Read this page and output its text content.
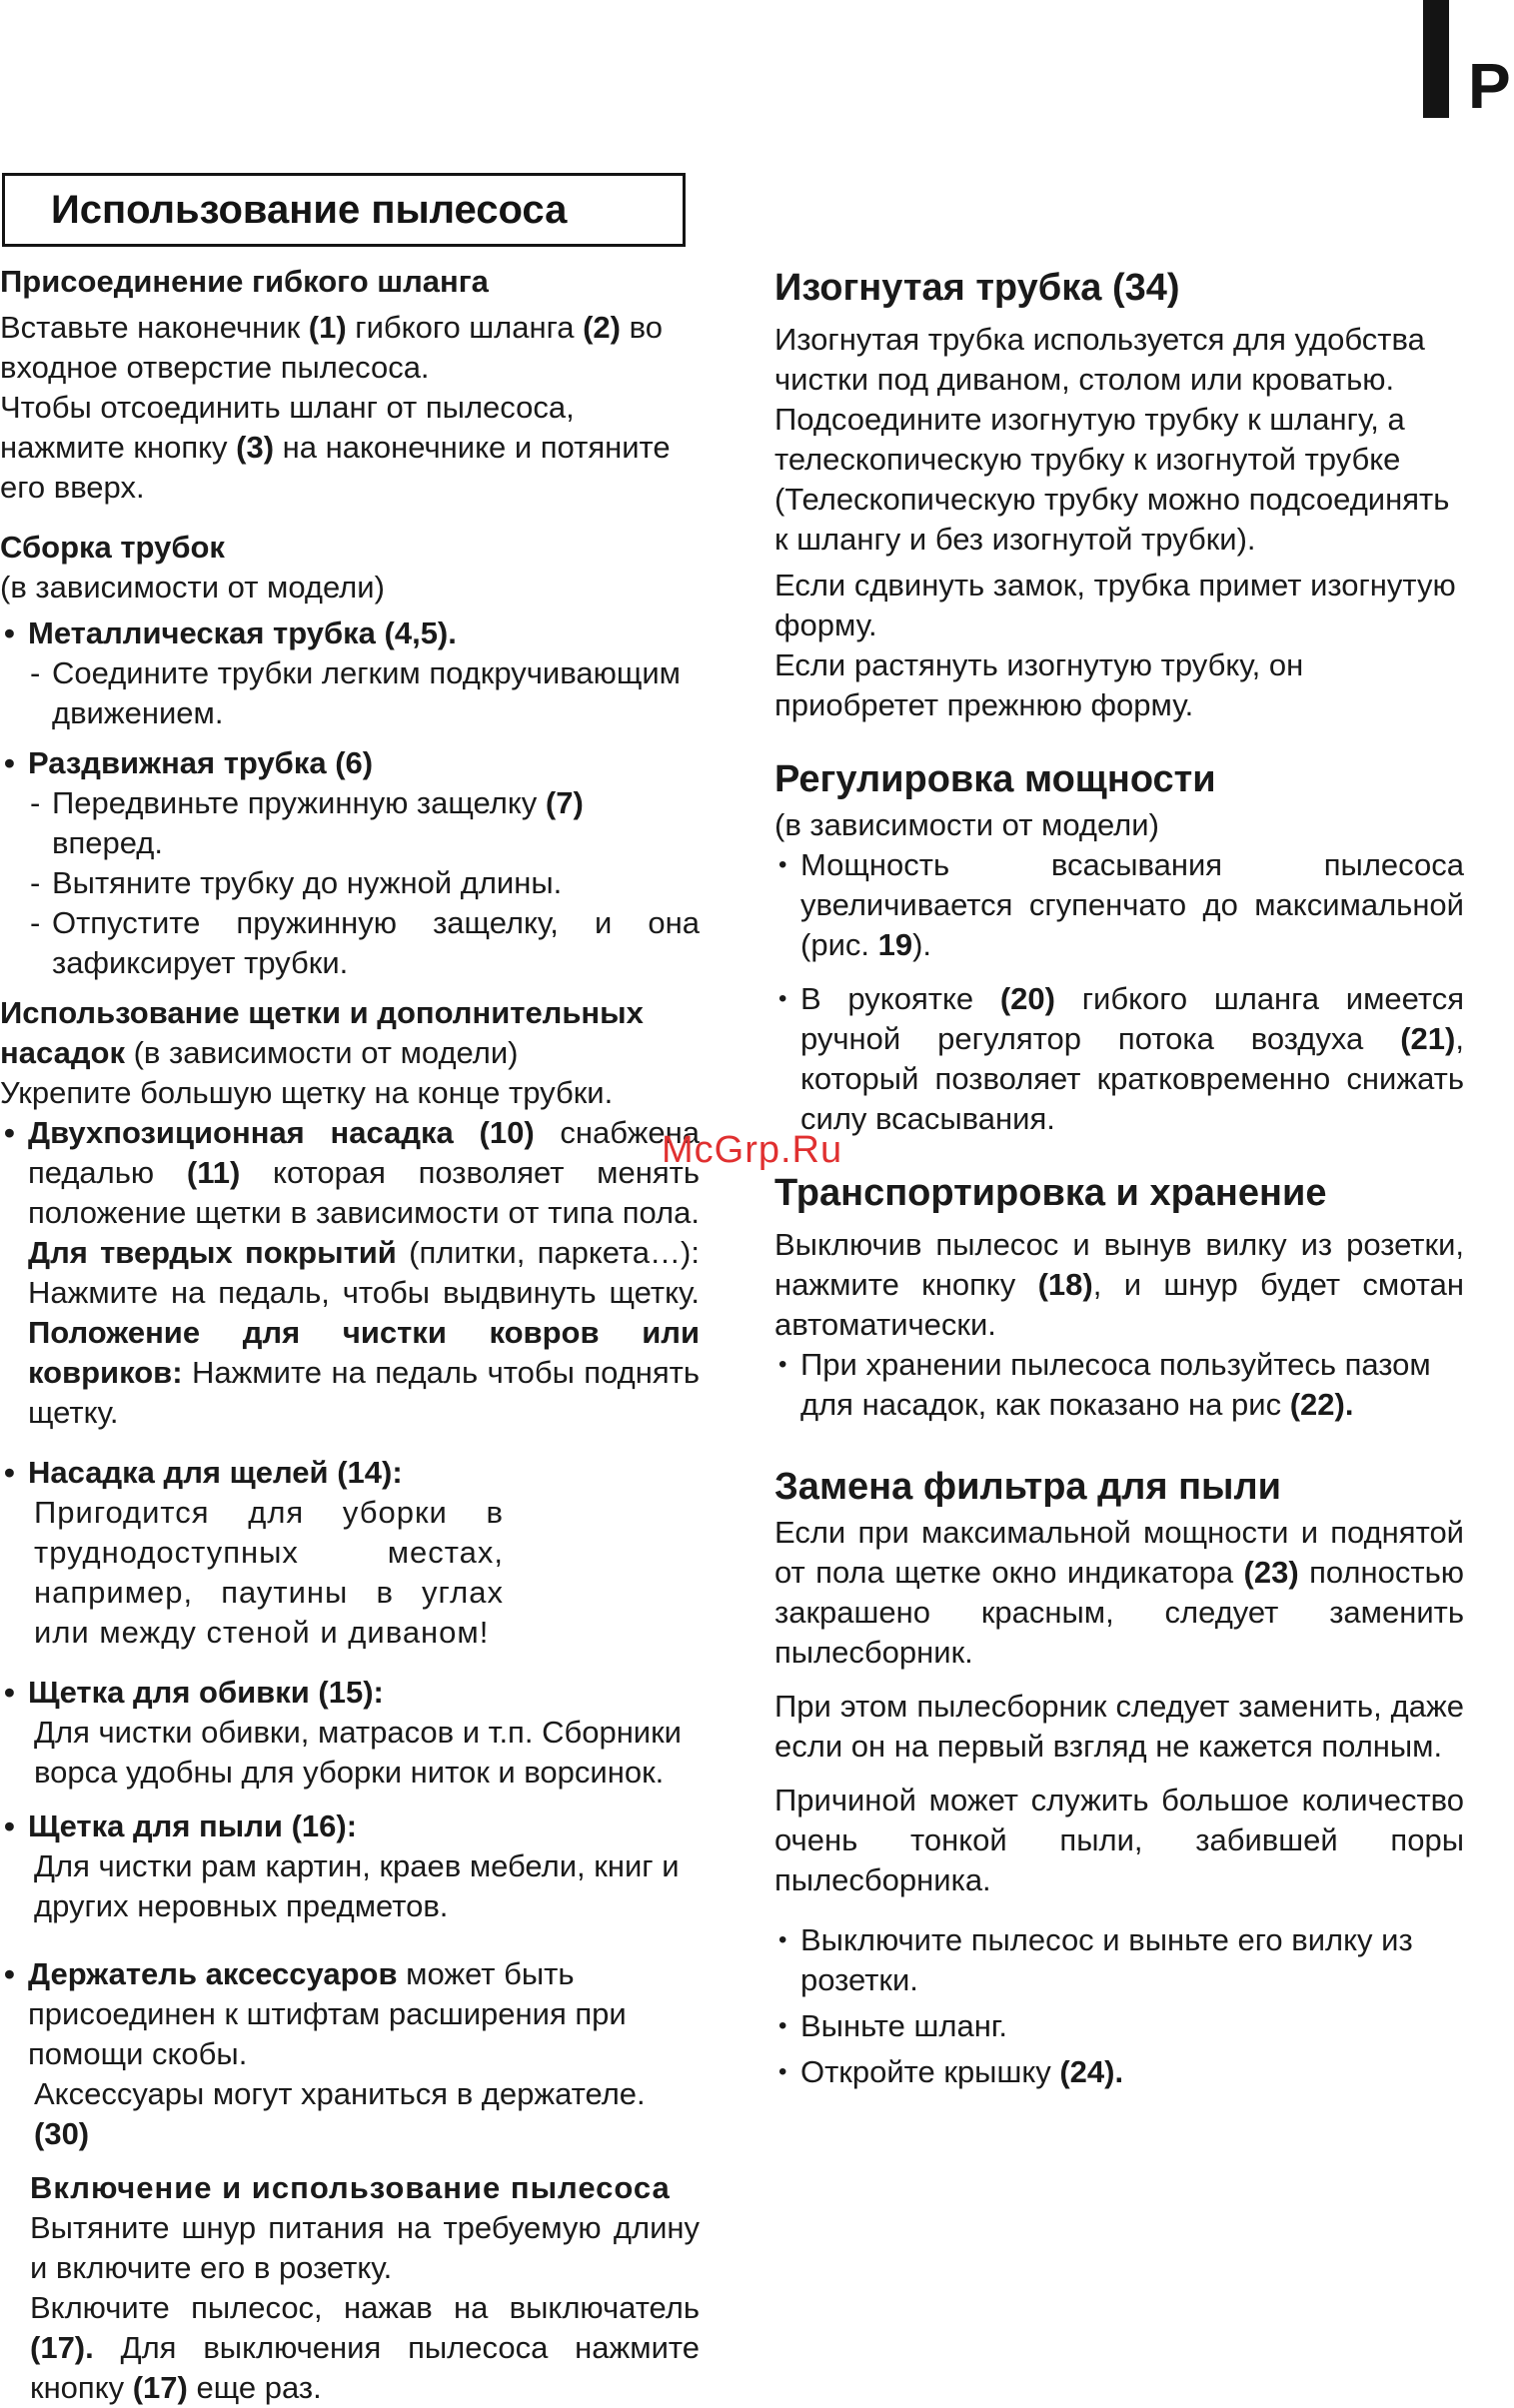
P
Использование пылесоса

Присоединение гибкого шланга

Вставьте наконечник (1) гибкого шланга (2) во входное отверстие пылесоса.

Чтобы отсоединить шланг от пылесоса, нажмите кнопку (3) на наконечнике и потяните его вверх.

Сборка трубок

(в зависимости от модели)

• Металлическая трубка (4,5).

- Соедините трубки легким подкручивающим движением.

• Раздвижная трубка (6)

- Передвиньте пружинную защелку (7) вперед.

- Вытяните трубку до нужной длины.

- Отпустите пружинную защелку, и она зафиксирует трубки.

Использование щетки и дополнительных насадок (в зависимости от модели)

Укрепите большую щетку на конце трубки.

• Двухпозиционная насадка (10) снабжена педалью (11) которая позволяет менять положение щетки в зависимости от типа пола. Для твердых покрытий (плитки, паркета…): Нажмите на педаль, чтобы выдвинуть щетку. Положение для чистки ковров или ковриков: Нажмите на педаль чтобы поднять щетку.

• Насадка для щелей (14):

Пригодится для уборки в труднодоступных местах, например, паутины в углах или между стеной и диваном!

• Щетка для обивки (15):

Для чистки обивки, матрасов и т.п. Сборники ворса удобны для уборки ниток и ворсинок.

• Щетка для пыли (16):

Для чистки рам картин, краев мебели, книг и других неровных предметов.

• Держатель аксессуаров может быть присоединен к штифтам расширения при помощи скобы.

Аксессуары могут храниться в держателе. (30)

Включение и использование пылесоса

Вытяните шнур питания на требуемую длину и включите его в розетку.

Включите пылесос, нажав на выключатель (17). Для выключения пылесоса нажмите кнопку (17) еще раз.

Изогнутая трубка (34)

Изогнутая трубка используется для удобства чистки под диваном, столом или кроватью. Подсоедините изогнутую трубку к шлангу, а телескопическую трубку к изогнутой трубке (Телескопическую трубку можно подсоединять к шлангу и без изогнутой трубки).

Если сдвинуть замок, трубка примет изогнутую форму.

Если растянуть изогнутую трубку, он приобретет прежнюю форму.

Регулировка мощности

(в зависимости от модели)

• Мощность всасывания пылесоса увеличивается сгупенчато до максимальной (рис. 19).

• В рукоятке (20) гибкого шланга имеется ручной регулятор потока воздуха (21), который позволяет кратковременно снижать силу всасывания.

Транспортировка и хранение

Выключив пылесос и вынув вилку из розетки, нажмите кнопку (18), и шнур будет смотан автоматически.

• При хранении пылесоса пользуйтесь пазом для насадок, как показано на рис (22).

Замена фильтра для пыли

Если при максимальной мощности и поднятой от пола щетке окно индикатора (23) полностью закрашено красным, следует заменить пылесборник.

При этом пылесборник следует заменить, даже если он на первый взгляд не кажется полным.

Причиной может служить большое количество очень тонкой пыли, забившей поры пылесборника.

• Выключите пылесос и выньте его вилку из розетки.

• Выньте шланг.

• Откройте крышку (24).

McGrp.Ru
